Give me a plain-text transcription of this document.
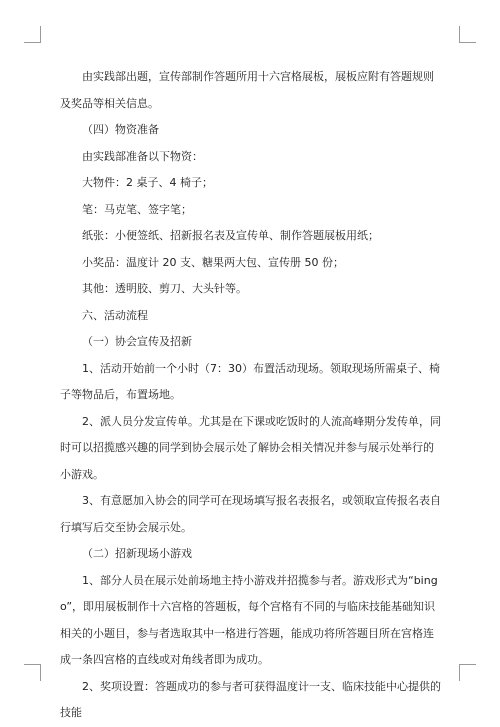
由实践部出题，宣传部制作答题所用十六宫格展板，展板应附有答题规则及奖品等相关信息。

（四）物资准备

由实践部准备以下物资：

大物件：2 桌子、4 椅子；

笔：马克笔、签字笔；

纸张：小便签纸、招新报名表及宣传单、制作答题展板用纸；

小奖品：温度计 20 支、糖果两大包、宣传册 50 份；

其他：透明胶、剪刀、大头针等。

六、活动流程

（一）协会宣传及招新

1、活动开始前一个小时（7：30）布置活动现场。领取现场所需桌子、椅子等物品后，布置场地。

2、派人员分发宣传单。尤其是在下课或吃饭时的人流高峰期分发传单，同时可以招揽感兴趣的同学到协会展示处了解协会相关情况并参与展示处举行的小游戏。

3、有意愿加入协会的同学可在现场填写报名表报名，或领取宣传报名表自行填写后交至协会展示处。

（二）招新现场小游戏

1、部分人员在展示处前场地主持小游戏并招揽参与者。游戏形式为“bingo”，即用展板制作十六宫格的答题板，每个宫格有不同的与临床技能基础知识相关的小题目，参与者选取其中一格进行答题，能成功将所答题目所在宫格连成一条四宫格的直线或对角线者即为成功。

2、奖项设置：答题成功的参与者可获得温度计一支、临床技能中心提供的技能
